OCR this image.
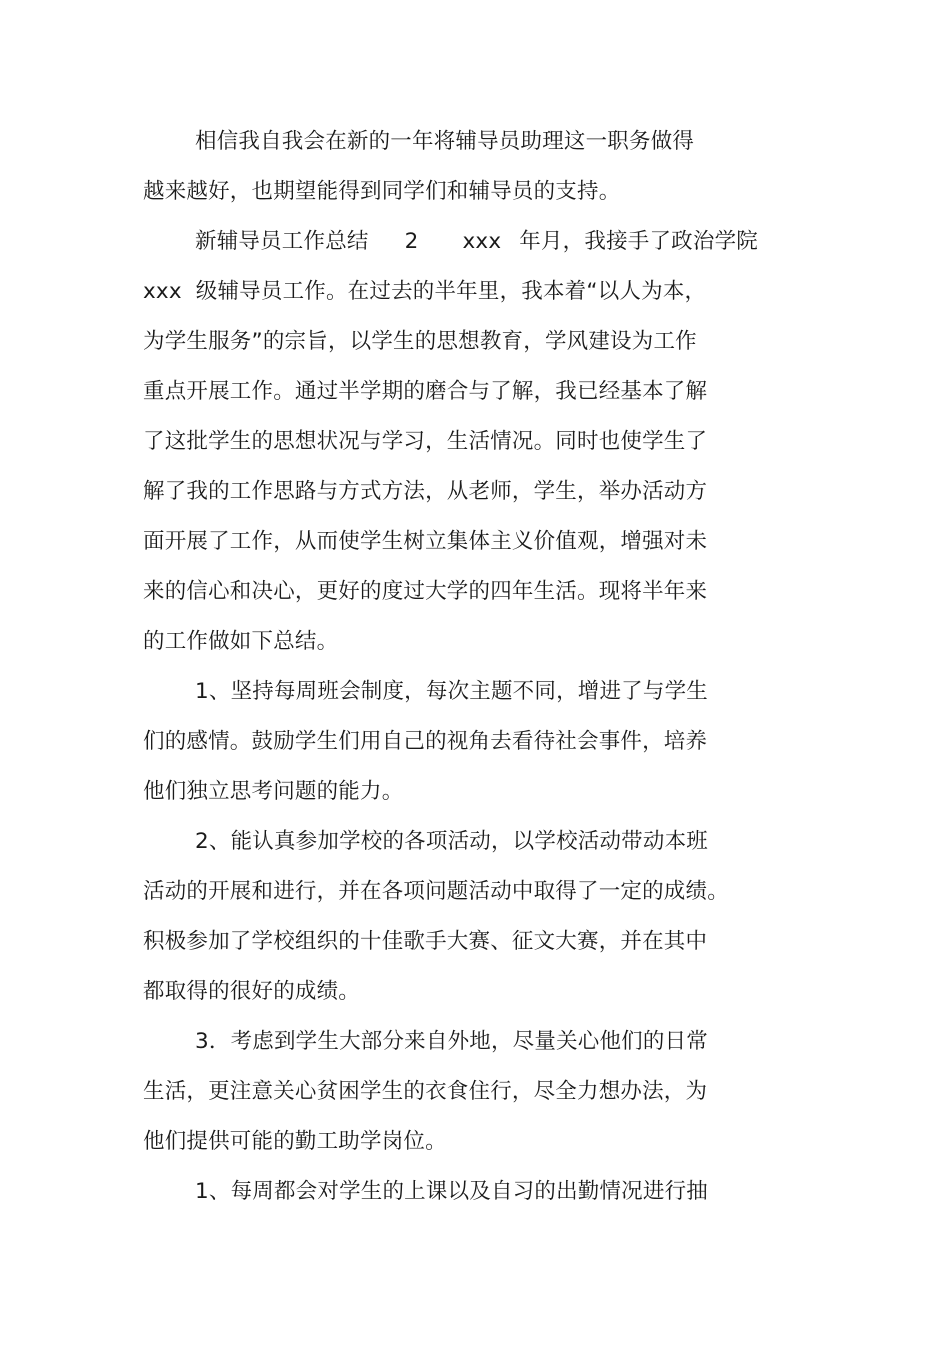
相信我自我会在新的一年将辅导员助理这一职务做得
越来越好，也期望能得到同学们和辅导员的支持。
新辅导员工作总结 2 xxx 年月，我接手了政治学院
xxx 级辅导员工作。在过去的半年里，我本着“以人为本，
为学生服务”的宗旨，以学生的思想教育，学风建设为工作
重点开展工作。通过半学期的磨合与了解，我已经基本了解
了这批学生的思想状况与学习，生活情况。同时也使学生了
解了我的工作思路与方式方法，从老师，学生，举办活动方
面开展了工作，从而使学生树立集体主义价值观，增强对未
来的信心和决心，更好的度过大学的四年生活。现将半年来
的工作做如下总结。
1、坚持每周班会制度，每次主题不同，增进了与学生
们的感情。鼓励学生们用自己的视角去看待社会事件，培养
他们独立思考问题的能力。
2、能认真参加学校的各项活动，以学校活动带动本班
活动的开展和进行，并在各项问题活动中取得了一定的成绩。
积极参加了学校组织的十佳歌手大赛、征文大赛，并在其中
都取得的很好的成绩。
3．考虑到学生大部分来自外地，尽量关心他们的日常
生活，更注意关心贫困学生的衣食住行，尽全力想办法，为
他们提供可能的勤工助学岗位。
1、每周都会对学生的上课以及自习的出勤情况进行抽
